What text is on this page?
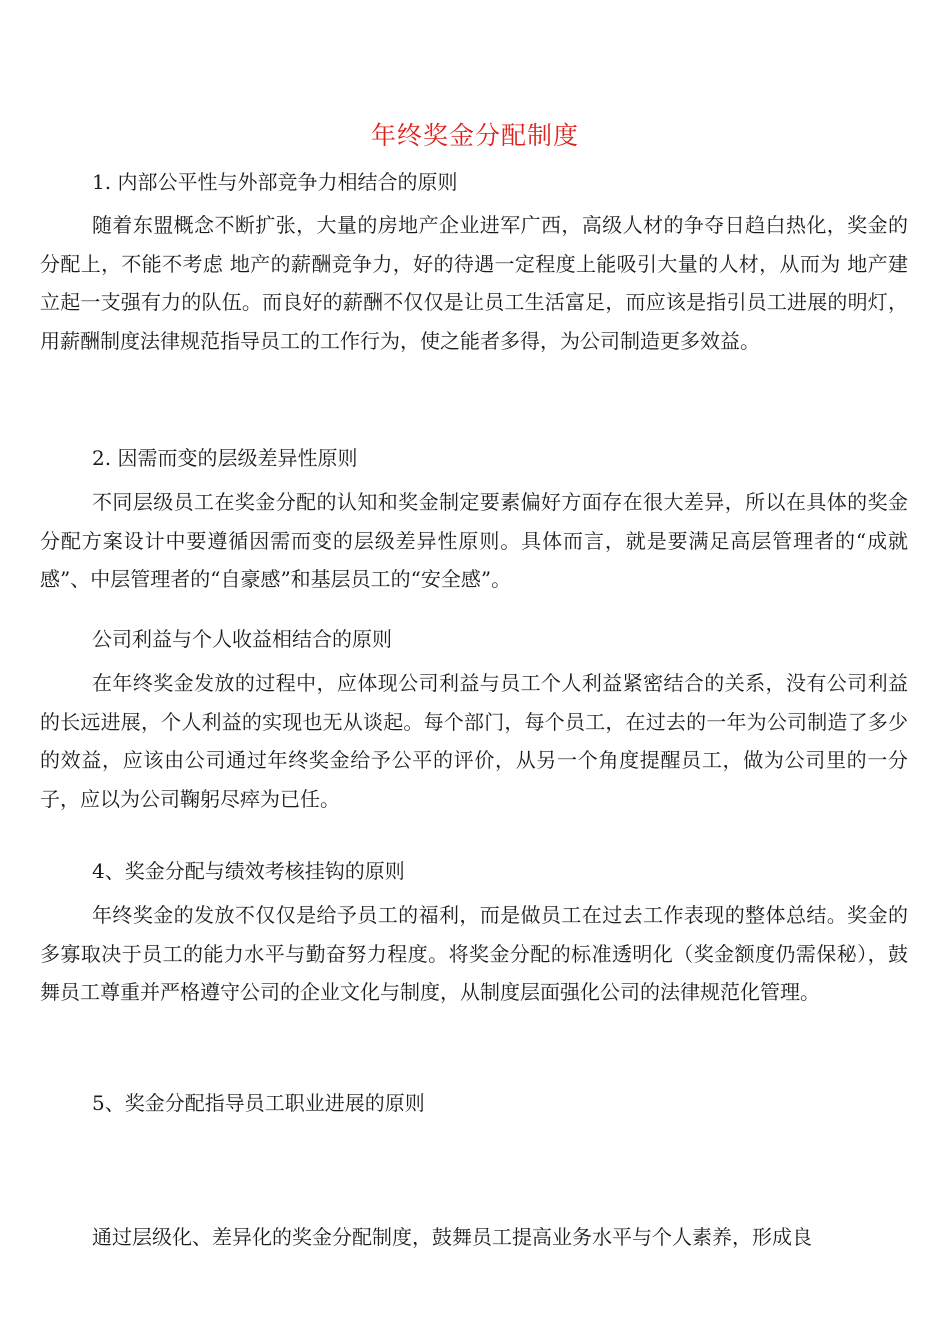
年终奖金分配制度
1. 内部公平性与外部竞争力相结合的原则
随着东盟概念不断扩张，大量的房地产企业进军广西，高级人材的争夺日趋白热化，奖金的分配上，不能不考虑 地产的薪酬竞争力，好的待遇一定程度上能吸引大量的人材，从而为 地产建立起一支强有力的队伍。而良好的薪酬不仅仅是让员工生活富足，而应该是指引员工进展的明灯，用薪酬制度法律规范指导员工的工作行为，使之能者多得，为公司制造更多效益。
2. 因需而变的层级差异性原则
不同层级员工在奖金分配的认知和奖金制定要素偏好方面存在很大差异，所以在具体的奖金分配方案设计中要遵循因需而变的层级差异性原则。具体而言，就是要满足高层管理者的“成就感”、中层管理者的“自豪感”和基层员工的“安全感”。
公司利益与个人收益相结合的原则
在年终奖金发放的过程中，应体现公司利益与员工个人利益紧密结合的关系，没有公司利益的长远进展，个人利益的实现也无从谈起。每个部门，每个员工，在过去的一年为公司制造了多少的效益，应该由公司通过年终奖金给予公平的评价，从另一个角度提醒员工，做为公司里的一分子，应以为公司鞠躬尽瘁为已任。
4、奖金分配与绩效考核挂钩的原则
年终奖金的发放不仅仅是给予员工的福利，而是做员工在过去工作表现的整体总结。奖金的多寡取决于员工的能力水平与勤奋努力程度。将奖金分配的标准透明化（奖金额度仍需保秘），鼓舞员工尊重并严格遵守公司的企业文化与制度，从制度层面强化公司的法律规范化管理。
5、奖金分配指导员工职业进展的原则
通过层级化、差异化的奖金分配制度，鼓舞员工提高业务水平与个人素养，形成良
